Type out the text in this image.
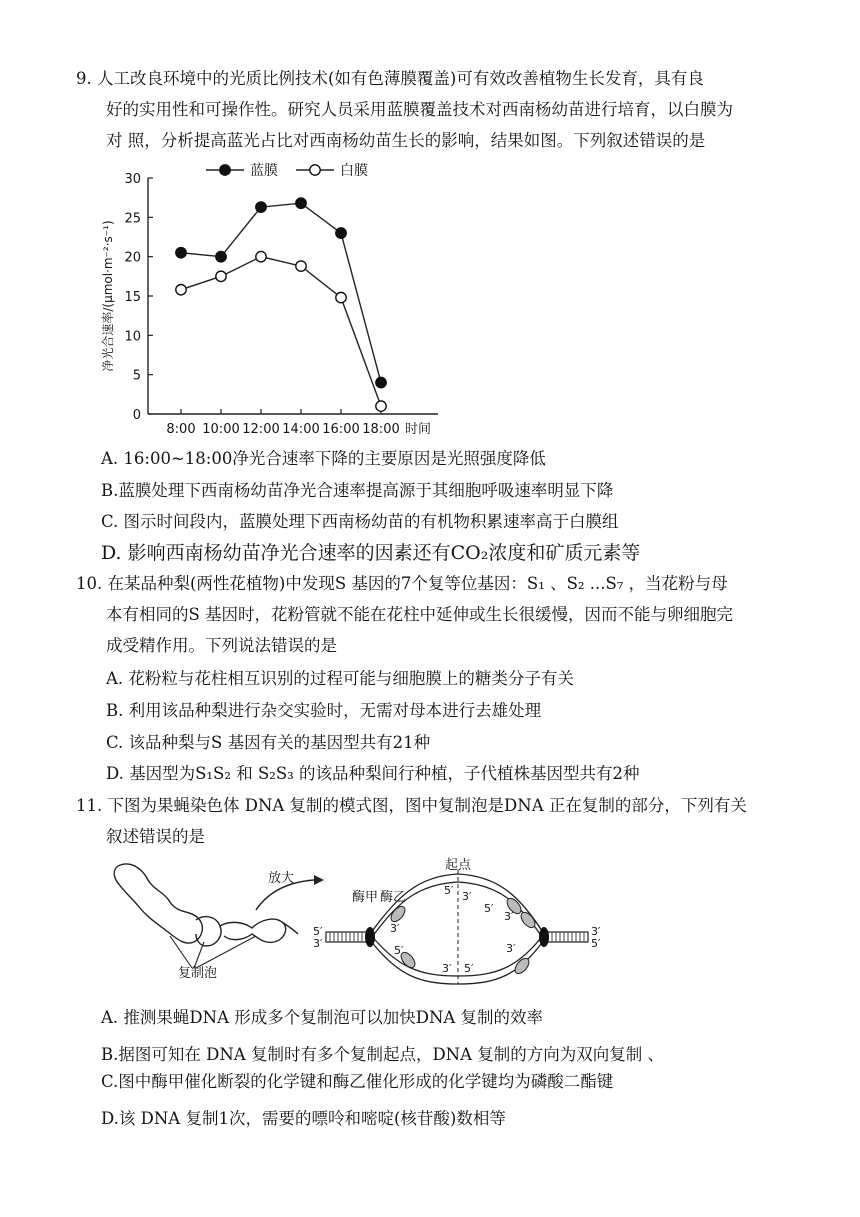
9. 人工改良环境中的光质比例技术(如有色薄膜覆盖)可有效改善植物生长发育，具有良
好的实用性和可操作性。研究人员采用蓝膜覆盖技术对西南杨幼苗进行培育，以白膜为
对 照，分析提高蓝光占比对西南杨幼苗生长的影响，结果如图。下列叙述错误的是
蓝膜	白膜
0
5
10
15
20
25
30
8:00 10:00 12:00 14:00 16:00 18:00 时间
净光合速率/(μmol·m⁻²·s⁻¹)
A. 16:00~18:00净光合速率下降的主要原因是光照强度降低
B.蓝膜处理下西南杨幼苗净光合速率提高源于其细胞呼吸速率明显下降
C. 图示时间段内，蓝膜处理下西南杨幼苗的有机物积累速率高于白膜组
D. 影响西南杨幼苗净光合速率的因素还有CO₂浓度和矿质元素等
10. 在某品种梨(两性花植物)中发现S 基因的7个复等位基因：S₁ 、S₂ ...S₇ ，当花粉与母
本有相同的S 基因时，花粉管就不能在花柱中延伸或生长很缓慢，因而不能与卵细胞完
成受精作用。下列说法错误的是
A. 花粉粒与花柱相互识别的过程可能与细胞膜上的糖类分子有关
B. 利用该品种梨进行杂交实验时，无需对母本进行去雄处理
C. 该品种梨与S 基因有关的基因型共有21种
D. 基因型为S₁S₂ 和 S₂S₃ 的该品种梨间行种植，子代植株基因型共有2种
11. 下图为果蝇染色体 DNA 复制的模式图，图中复制泡是DNA 正在复制的部分，下列有关
叙述错误的是
复制泡
放大
起点
酶甲 酶乙
5′
3′
3′
5′
5′ 3′
3′ 5′
3′
5′
5′
3′
3′
A. 推测果蝇DNA 形成多个复制泡可以加快DNA 复制的效率
B.据图可知在 DNA 复制时有多个复制起点，DNA 复制的方向为双向复制 、
C.图中酶甲催化断裂的化学键和酶乙催化形成的化学键均为磷酸二酯键
D.该 DNA 复制1次，需要的嘌呤和嘧啶(核苷酸)数相等
